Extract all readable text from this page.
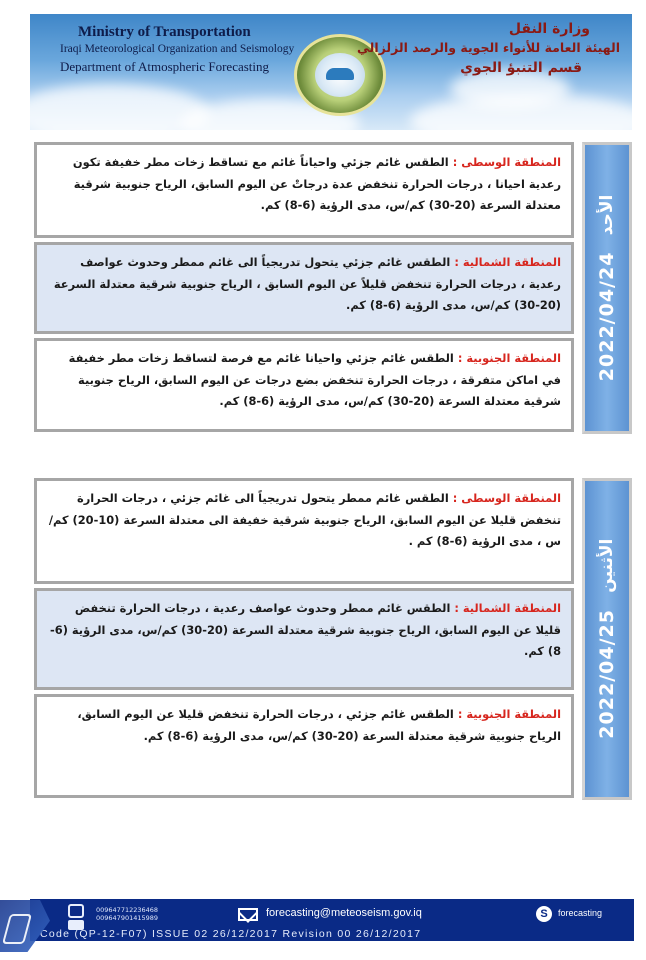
Ministry of Transportation
Iraqi Meteorological Organization and Seismology
Department of Atmospheric Forecasting
وزارة النقل
الهيئة العامة للأنواء الجوية والرصد الزلزالي
قسم التنبؤ الجوي
المنطقة الوسطى : الطقس غائم جزئي واحياناً غائم مع تساقط زخات مطر خفيفة تكون رعدية احيانا ، درجات الحرارة تنخفض عدة درجاتْ عن اليوم السابق، الرياح جنوبية شرقية معتدلة السرعة (20-30) كم/س، مدى الرؤية (6-8) كم.
المنطقة الشمالية : الطقس غائم جزئي يتحول تدريجياً الى غائم ممطر وحدوث عواصف رعدية ، درجات الحرارة تنخفض قليلاً عن اليوم السابق ، الرياح جنوبية شرقية معتدلة السرعة (20-30) كم/س، مدى الرؤية (6-8) كم.
المنطقة الجنوبية : الطقس غائم جزئي واحيانا غائم مع فرصة لتساقط زخات مطر خفيفة في اماكن متفرقة ، درجات الحرارة تنخفض بضع درجات عن اليوم السابق، الرياح جنوبية شرقية معتدلة السرعة (20-30) كم/س، مدى الرؤية (6-8) كم.
2022/04/24
الأحد
المنطقة الوسطى : الطقس غائم ممطر يتحول تدريجياً الى غائم جزئي ، درجات الحرارة تنخفض قليلا عن اليوم السابق، الرياح جنوبية شرقية خفيفة الى معتدلة السرعة (10-20) كم/س ، مدى الرؤية (6-8) كم .
المنطقة الشمالية : الطقس غائم ممطر وحدوث عواصف رعدية ، درجات الحرارة تنخفض قليلا عن اليوم السابق، الرياح جنوبية شرقية معتدلة السرعة (20-30) كم/س، مدى الرؤية (6-8) كم.
المنطقة الجنوبية : الطقس غائم جزئي ، درجات الحرارة تنخفض قليلا عن اليوم السابق، الرياح جنوبية شرقية معتدلة السرعة (20-30) كم/س، مدى الرؤية (6-8) كم.	2022/04/25
الأثنين
009647712236468
009647901415989	forecasting@meteoseism.gov.iq	S	forecasting
Code (QP-12-F07) ISSUE 02 26/12/2017 Revision 00 26/12/2017
